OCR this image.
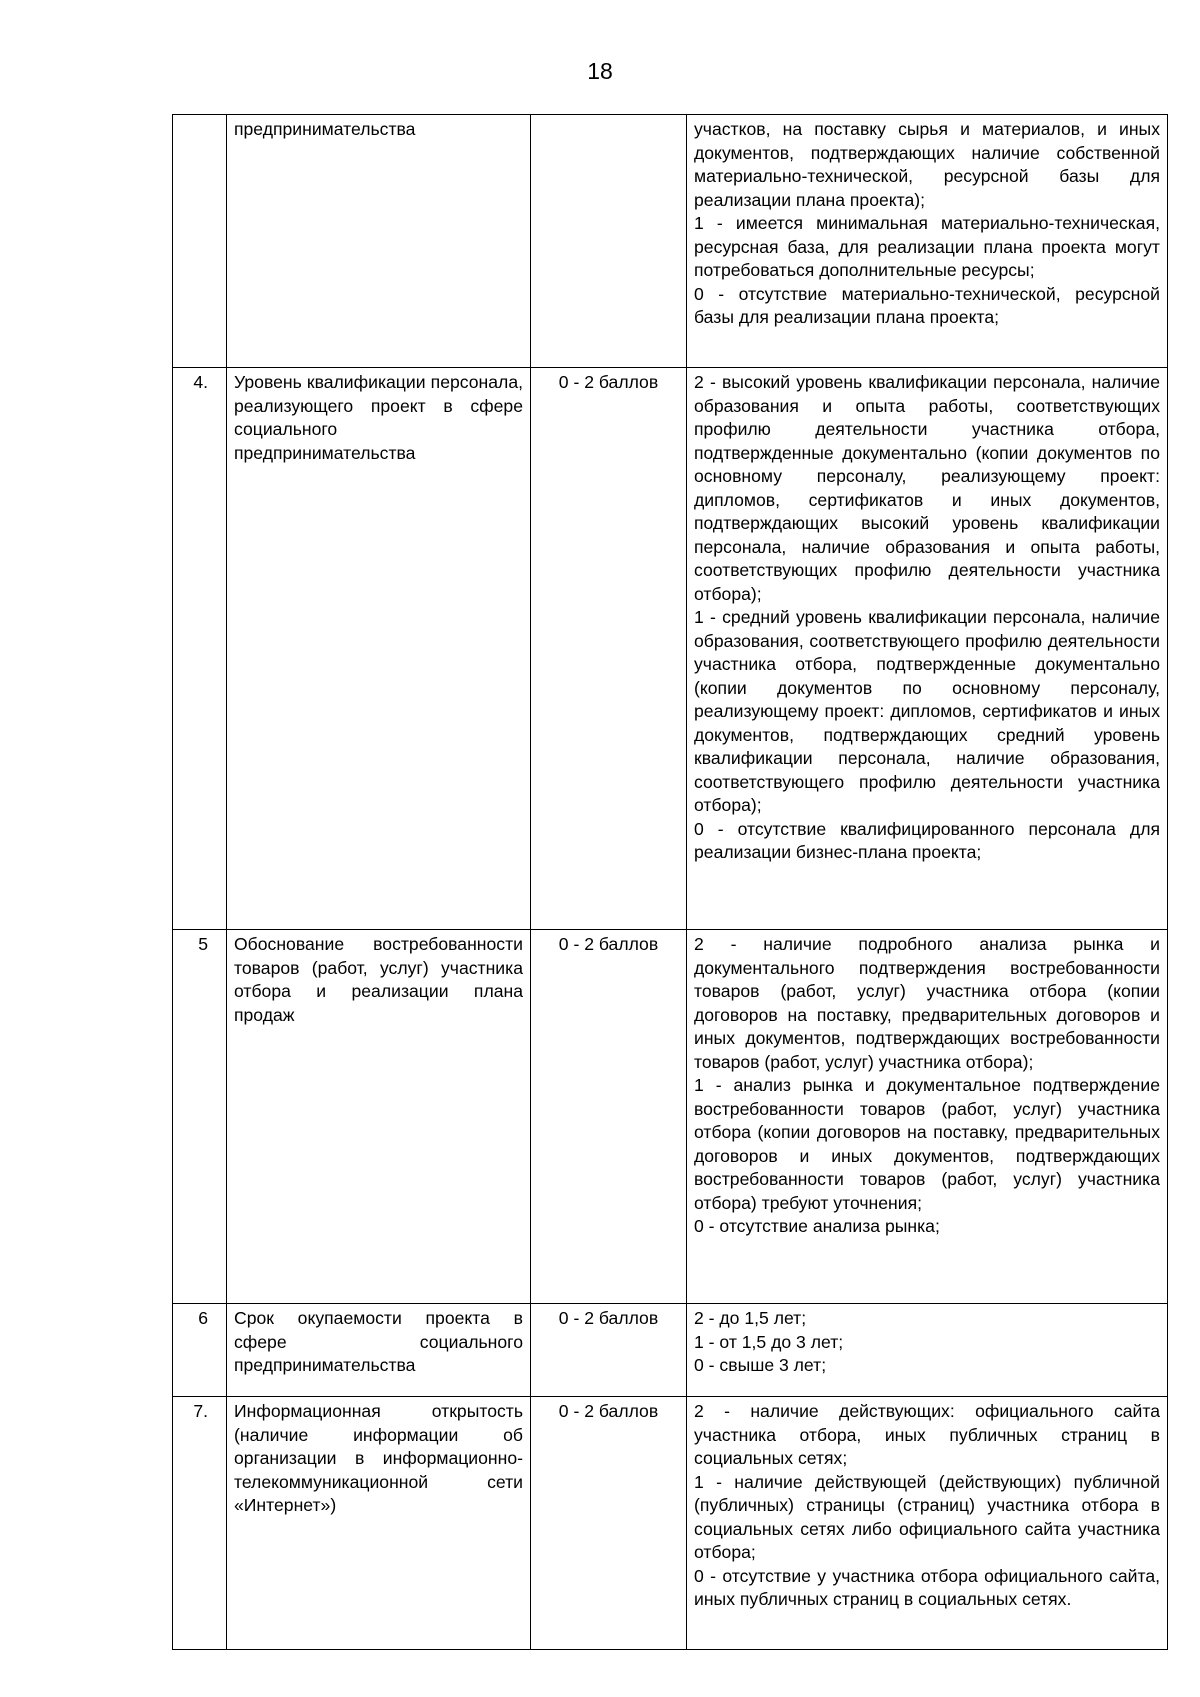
18
	предпринимательства		участков, на поставку сырья и материалов, и иных документов, подтверждающих наличие собственной материально-технической, ресурсной базы для реализации плана проекта);
1 - имеется минимальная материально-техническая, ресурсная база, для реализации плана проекта могут потребоваться дополнительные ресурсы;
0 - отсутствие материально-технической, ресурсной базы для реализации плана проекта;

4.	Уровень квалификации персонала, реализующего проект в сфере социального предпринимательства	0 - 2 баллов	2 - высокий уровень квалификации персонала, наличие образования и опыта работы, соответствующих профилю деятельности участника отбора, подтвержденные документально (копии документов по основному персоналу, реализующему проект: дипломов, сертификатов и иных документов, подтверждающих высокий уровень квалификации персонала, наличие образования и опыта работы, соответствующих профилю деятельности участника отбора);
1 - средний уровень квалификации персонала, наличие образования, соответствующего профилю деятельности участника отбора, подтвержденные документально (копии документов по основному персоналу, реализующему проект: дипломов, сертификатов и иных документов, подтверждающих средний уровень квалификации персонала, наличие образования, соответствующего профилю деятельности участника отбора);
0 - отсутствие квалифицированного персонала для реализации бизнес-плана проекта;

5	Обоснование востребованности товаров (работ, услуг) участника отбора и реализации плана продаж	0 - 2 баллов	2 - наличие подробного анализа рынка и документального подтверждения востребованности товаров (работ, услуг) участника отбора (копии договоров на поставку, предварительных договоров и иных документов, подтверждающих востребованности товаров (работ, услуг) участника отбора);
1 - анализ рынка и документальное подтверждение востребованности товаров (работ, услуг) участника отбора (копии договоров на поставку, предварительных договоров и иных документов, подтверждающих востребованности товаров (работ, услуг) участника отбора) требуют уточнения;
0 - отсутствие анализа рынка;

6	Срок окупаемости проекта в сфере социального предпринимательства	0 - 2 баллов	2 - до 1,5 лет;
1 - от 1,5 до 3 лет;
0 - свыше 3 лет;

7.	Информационная открытость (наличие информации об организации в информационно-телекоммуникационной сети «Интернет»)	0 - 2 баллов	2 - наличие действующих: официального сайта участника отбора, иных публичных страниц в социальных сетях;
1 - наличие действующей (действующих) публичной (публичных) страницы (страниц) участника отбора в социальных сетях либо официального сайта участника отбора;
0 - отсутствие у участника отбора официального сайта, иных публичных страниц в социальных сетях.
